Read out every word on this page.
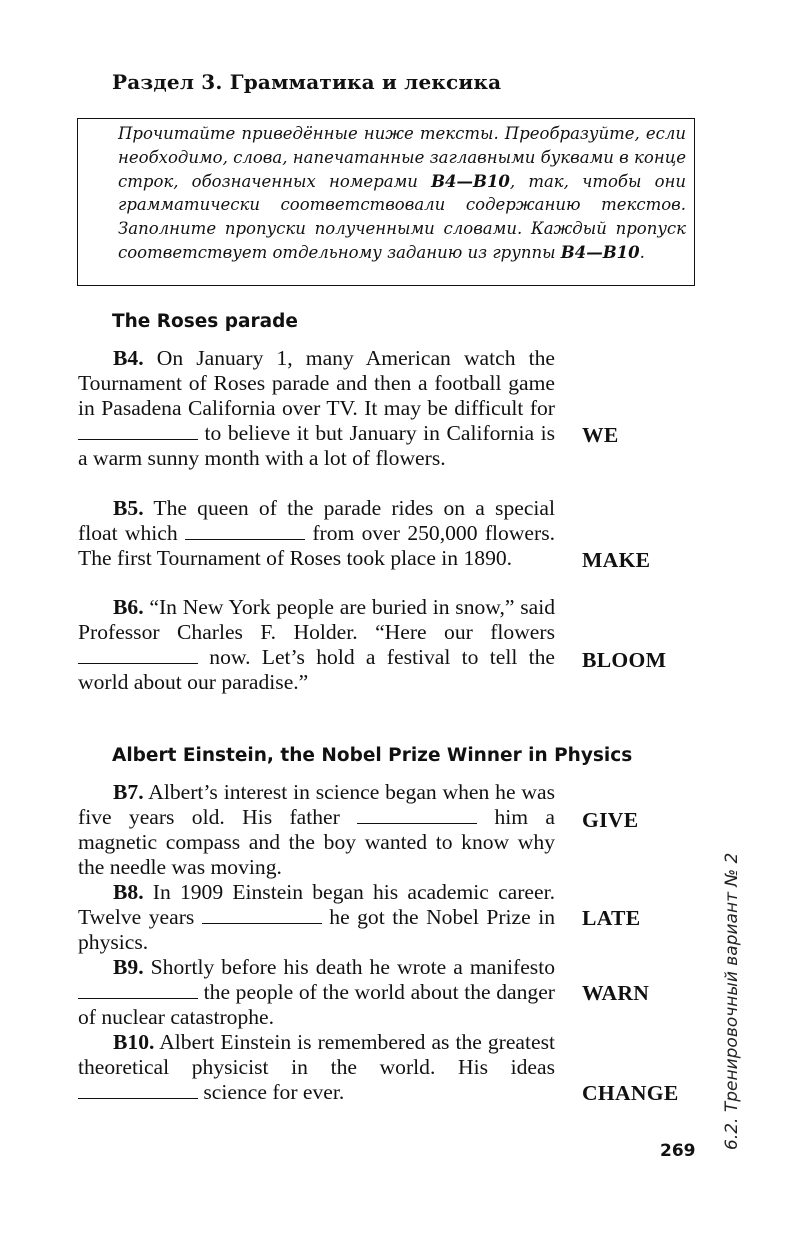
Раздел 3. Грамматика и лексика
Прочитайте приведённые ниже тексты. Преобразуйте, если необходимо, слова, напечатанные заглавными буквами в конце строк, обозначенных номерами B4—B10, так, чтобы они грамматически соответствовали содержанию текстов. Заполните пропуски полученными словами. Каждый пропуск соответствует отдельному заданию из группы B4—B10.
The Roses parade
B4. On January 1, many American watch the Tournament of Roses parade and then a football game in Pasadena California over TV. It may be difficult for  to believe it but January in California is a warm sunny month with a lot of flowers.
WE
B5. The queen of the parade rides on a special float which	from over 250,000 flowers. The first Tournament of Roses took place in 1890.	MAKE
B6. “In New York people are buried in snow,” said Professor Charles F. Holder. “Here our flowers  now. Let’s hold a festival to tell the world about our paradise.”
BLOOM
Albert Einstein, the Nobel Prize Winner in Physics
B7. Albert’s interest in science began when he was five years old. His father	him a magnetic compass and the boy wanted to know why the needle was moving.
GIVE
B8. In 1909 Einstein began his academic career. Twelve years	he got the Nobel Prize in physics.
LATE
B9. Shortly before his death he wrote a manifesto  the people of the world about the danger of nuclear catastrophe.
WARN
B10. Albert Einstein is remembered as the greatest theoretical physicist in the world. His ideas  science for ever.	CHANGE	6.2. Тренировочный вариант № 2
269
